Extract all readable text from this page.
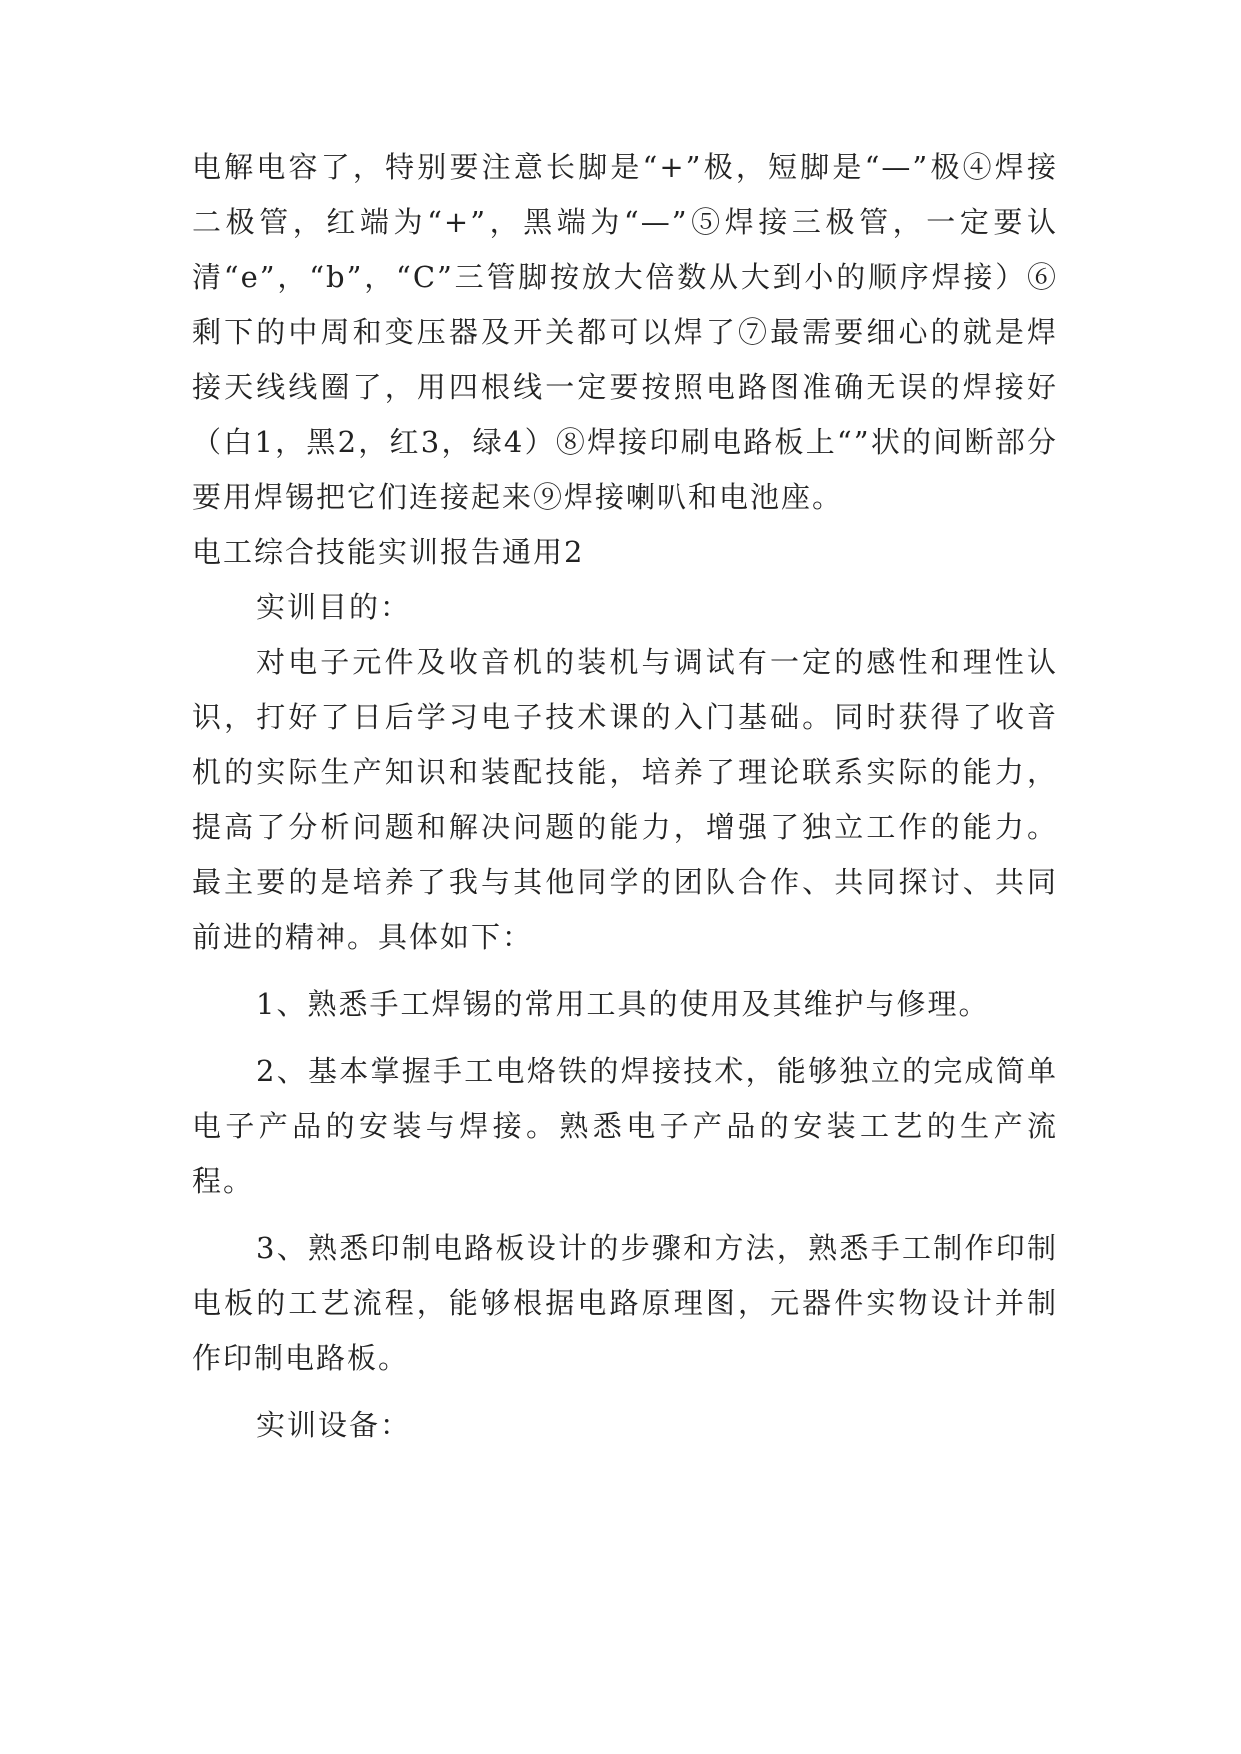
电解电容了，特别要注意长脚是“+”极，短脚是“—”极④焊接二极管，红端为“+”，黑端为“—”⑤焊接三极管，一定要认清“e”，“b”，“C”三管脚按放大倍数从大到小的顺序焊接）⑥剩下的中周和变压器及开关都可以焊了⑦最需要细心的就是焊接天线线圈了，用四根线一定要按照电路图准确无误的焊接好（白1，黑2，红3，绿4）⑧焊接印刷电路板上“”状的间断部分要用焊锡把它们连接起来⑨焊接喇叭和电池座。

电工综合技能实训报告通用2

实训目的：

对电子元件及收音机的装机与调试有一定的感性和理性认识，打好了日后学习电子技术课的入门基础。同时获得了收音机的实际生产知识和装配技能，培养了理论联系实际的能力，提高了分析问题和解决问题的能力，增强了独立工作的能力。最主要的是培养了我与其他同学的团队合作、共同探讨、共同前进的精神。具体如下：

1、熟悉手工焊锡的常用工具的使用及其维护与修理。

2、基本掌握手工电烙铁的焊接技术，能够独立的完成简单电子产品的安装与焊接。熟悉电子产品的安装工艺的生产流程。

3、熟悉印制电路板设计的步骤和方法，熟悉手工制作印制电板的工艺流程，能够根据电路原理图，元器件实物设计并制作印制电路板。

实训设备：
